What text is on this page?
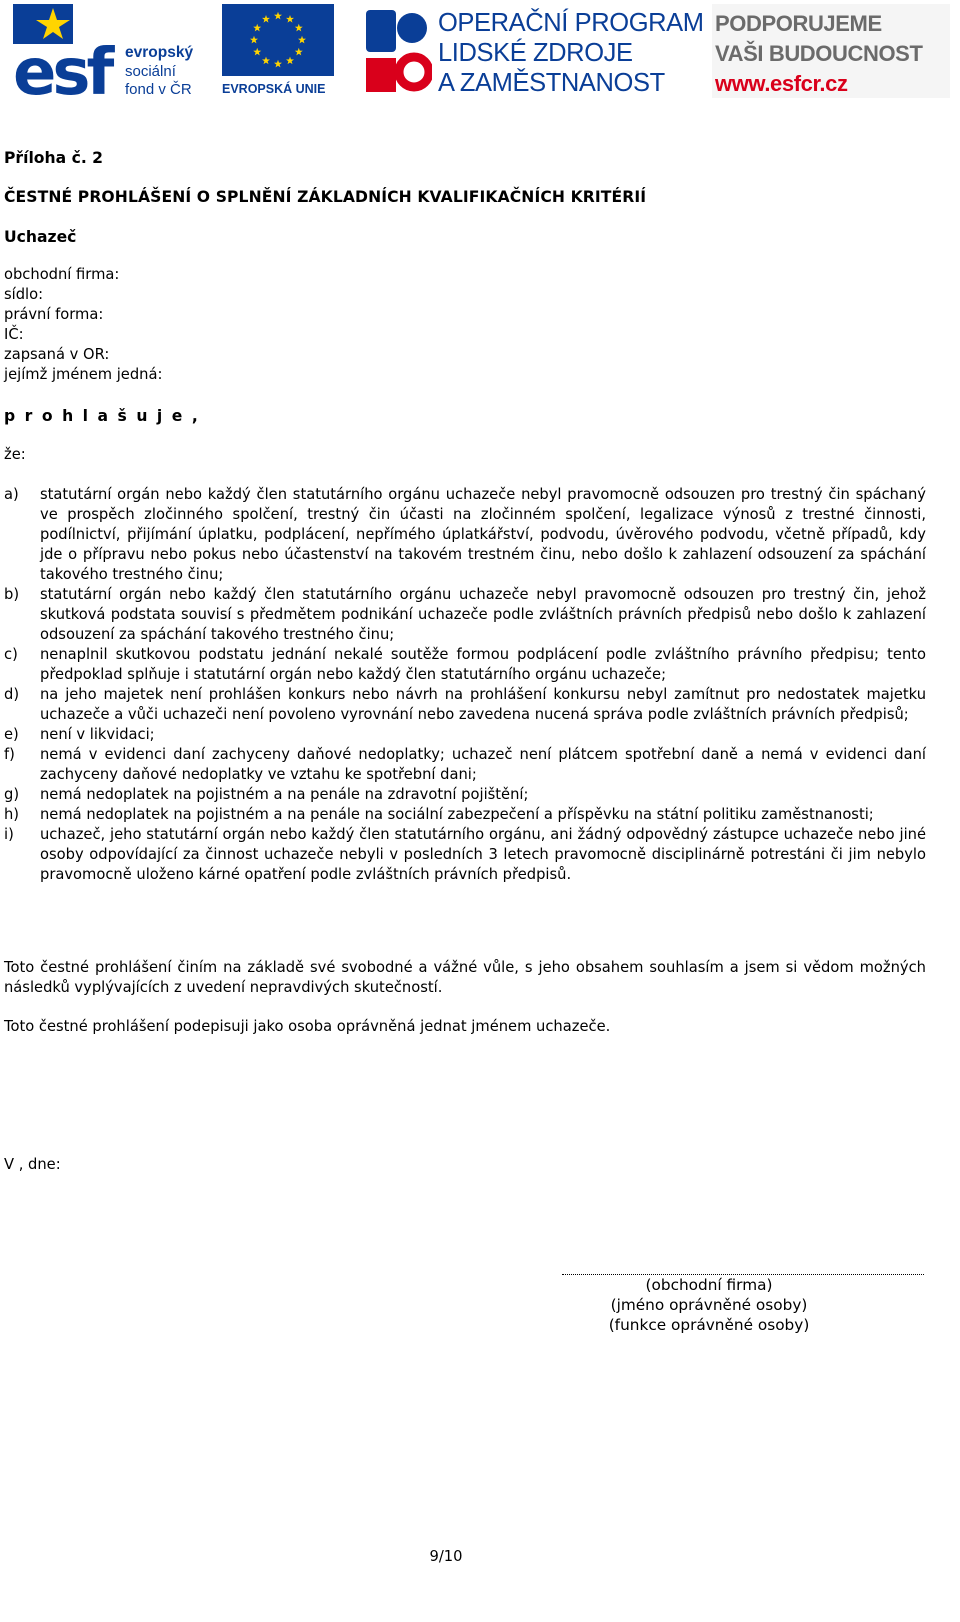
esf evropský
sociální
fond v ČR EVROPSKÁ UNIE
OPERAČNÍ PROGRAM
LIDSKÉ ZDROJE
A ZAMĚSTNANOST
PODPORUJEME
VAŠI BUDOUCNOST
www.esfcr.cz

Příloha č. 2

ČESTNÉ PROHLÁŠENÍ O SPLNĚNÍ ZÁKLADNÍCH KVALIFIKAČNÍCH KRITÉRIÍ

Uchazeč

obchodní firma:
sídlo:
právní forma:
IČ:
zapsaná v OR:
jejímž jménem jedná:
prohlašuje,
že:
a) statutární orgán nebo každý člen statutárního orgánu uchazeče nebyl pravomocně odsouzen pro trestný čin spáchaný ve prospěch zločinného spolčení, trestný čin účasti na zločinném spolčení, legalizace výnosů z trestné činnosti, podílnictví, přijímání úplatku, podplácení, nepřímého úplatkářství, podvodu, úvěrového podvodu, včetně případů, kdy jde o přípravu nebo pokus nebo účastenství na takovém trestném činu, nebo došlo k zahlazení odsouzení za spáchání takového trestného činu;
b) statutární orgán nebo každý člen statutárního orgánu uchazeče nebyl pravomocně odsouzen pro trestný čin, jehož skutková podstata souvisí s předmětem podnikání uchazeče podle zvláštních právních předpisů nebo došlo k zahlazení odsouzení za spáchání takového trestného činu;
c) nenaplnil skutkovou podstatu jednání nekalé soutěže formou podplácení podle zvláštního právního předpisu; tento předpoklad splňuje i statutární orgán nebo každý člen statutárního orgánu uchazeče;
d) na jeho majetek není prohlášen konkurs nebo návrh na prohlášení konkursu nebyl zamítnut pro nedostatek majetku uchazeče a vůči uchazeči není povoleno vyrovnání nebo zavedena nucená správa podle zvláštních právních předpisů;
e) není v likvidaci;
f) nemá v evidenci daní zachyceny daňové nedoplatky; uchazeč není plátcem spotřební daně a nemá v evidenci daní zachyceny daňové nedoplatky ve vztahu ke spotřební dani;
g) nemá nedoplatek na pojistném a na penále na zdravotní pojištění;
h) nemá nedoplatek na pojistném a na penále na sociální zabezpečení a příspěvku na státní politiku zaměstnanosti;
i) uchazeč, jeho statutární orgán nebo každý člen statutárního orgánu, ani žádný odpovědný zástupce uchazeče nebo jiné osoby odpovídající za činnost uchazeče nebyli v posledních 3 letech pravomocně disciplinárně potrestáni či jim nebylo pravomocně uloženo kárné opatření podle zvláštních právních předpisů.

Toto čestné prohlášení činím na základě své svobodné a vážné vůle, s jeho obsahem souhlasím a jsem si vědom možných následků vyplývajících z uvedení nepravdivých skutečností.

Toto čestné prohlášení podepisuji jako osoba oprávněná jednat jménem uchazeče.

V , dne:
(obchodní firma)
(jméno oprávněné osoby)
(funkce oprávněné osoby)
9/10
